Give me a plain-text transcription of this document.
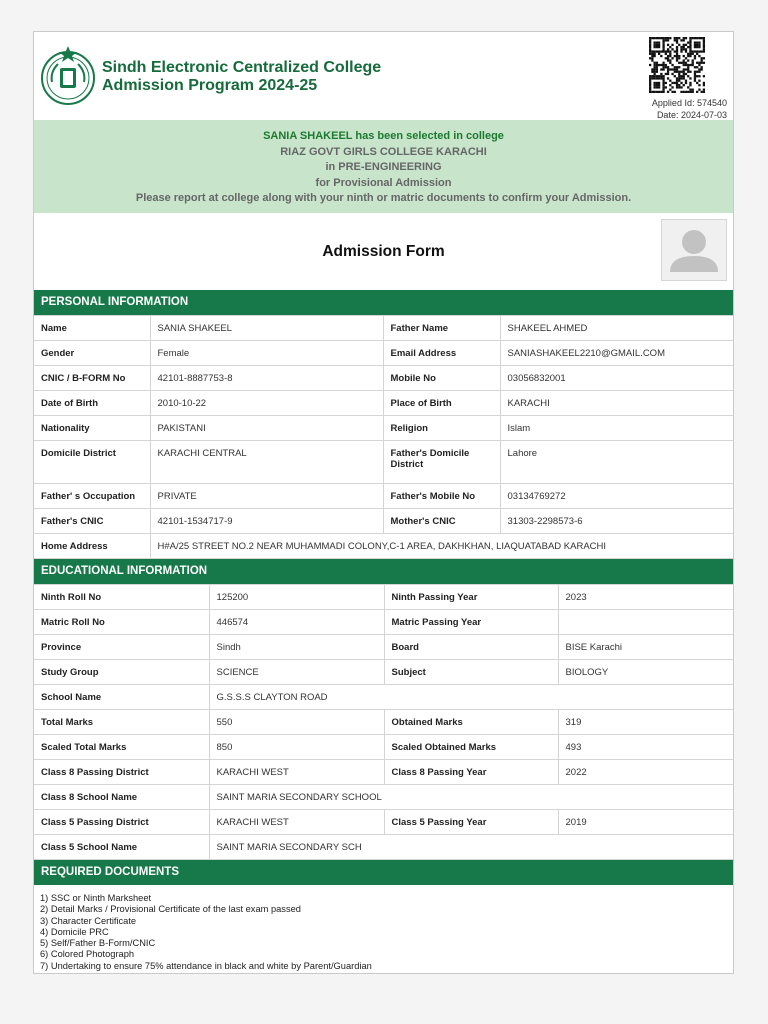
Sindh Electronic Centralized College
Admission Program 2024-25
Applied Id: 574540
Date: 2024-07-03
SANIA SHAKEEL has been selected in college
RIAZ GOVT GIRLS COLLEGE KARACHI
in PRE-ENGINEERING
for Provisional Admission
Please report at college along with your ninth or matric documents to confirm your Admission.
Admission Form
PERSONAL INFORMATION
Name	SANIA SHAKEEL	Father Name	SHAKEEL AHMED
Gender	Female	Email Address	SANIASHAKEEL2210@GMAIL.COM
CNIC / B-FORM No	42101-8887753-8	Mobile No	03056832001
Date of Birth	2010-10-22	Place of Birth	KARACHI
Nationality	PAKISTANI	Religion	Islam
Domicile District	KARACHI CENTRAL	Father's Domicile District	Lahore
Father' s Occupation	PRIVATE	Father's Mobile No	03134769272
Father's CNIC	42101-1534717-9	Mother's CNIC	31303-2298573-6
Home Address	H#A/25 STREET NO.2 NEAR MUHAMMADI COLONY,C-1 AREA, DAKHKHAN, LIAQUATABAD KARACHI		
EDUCATIONAL INFORMATION
Ninth Roll No	125200	Ninth Passing Year	2023
Matric Roll No	446574	Matric Passing Year	
Province	Sindh	Board	BISE Karachi
Study Group	SCIENCE	Subject	BIOLOGY
School Name	G.S.S.S CLAYTON ROAD		
Total Marks	550	Obtained Marks	319
Scaled Total Marks	850	Scaled Obtained Marks	493
Class 8 Passing District	KARACHI WEST	Class 8 Passing Year	2022
Class 8 School Name	SAINT MARIA SECONDARY SCHOOL		
Class 5 Passing District	KARACHI WEST	Class 5 Passing Year	2019
Class 5 School Name	SAINT MARIA SECONDARY SCH		
REQUIRED DOCUMENTS
1) SSC or Ninth Marksheet
2) Detail Marks / Provisional Certificate of the last exam passed
3) Character Certificate
4) Domicile PRC
5) Self/Father B-Form/CNIC
6) Colored Photograph
7) Undertaking to ensure 75% attendance in black and white by Parent/Guardian
